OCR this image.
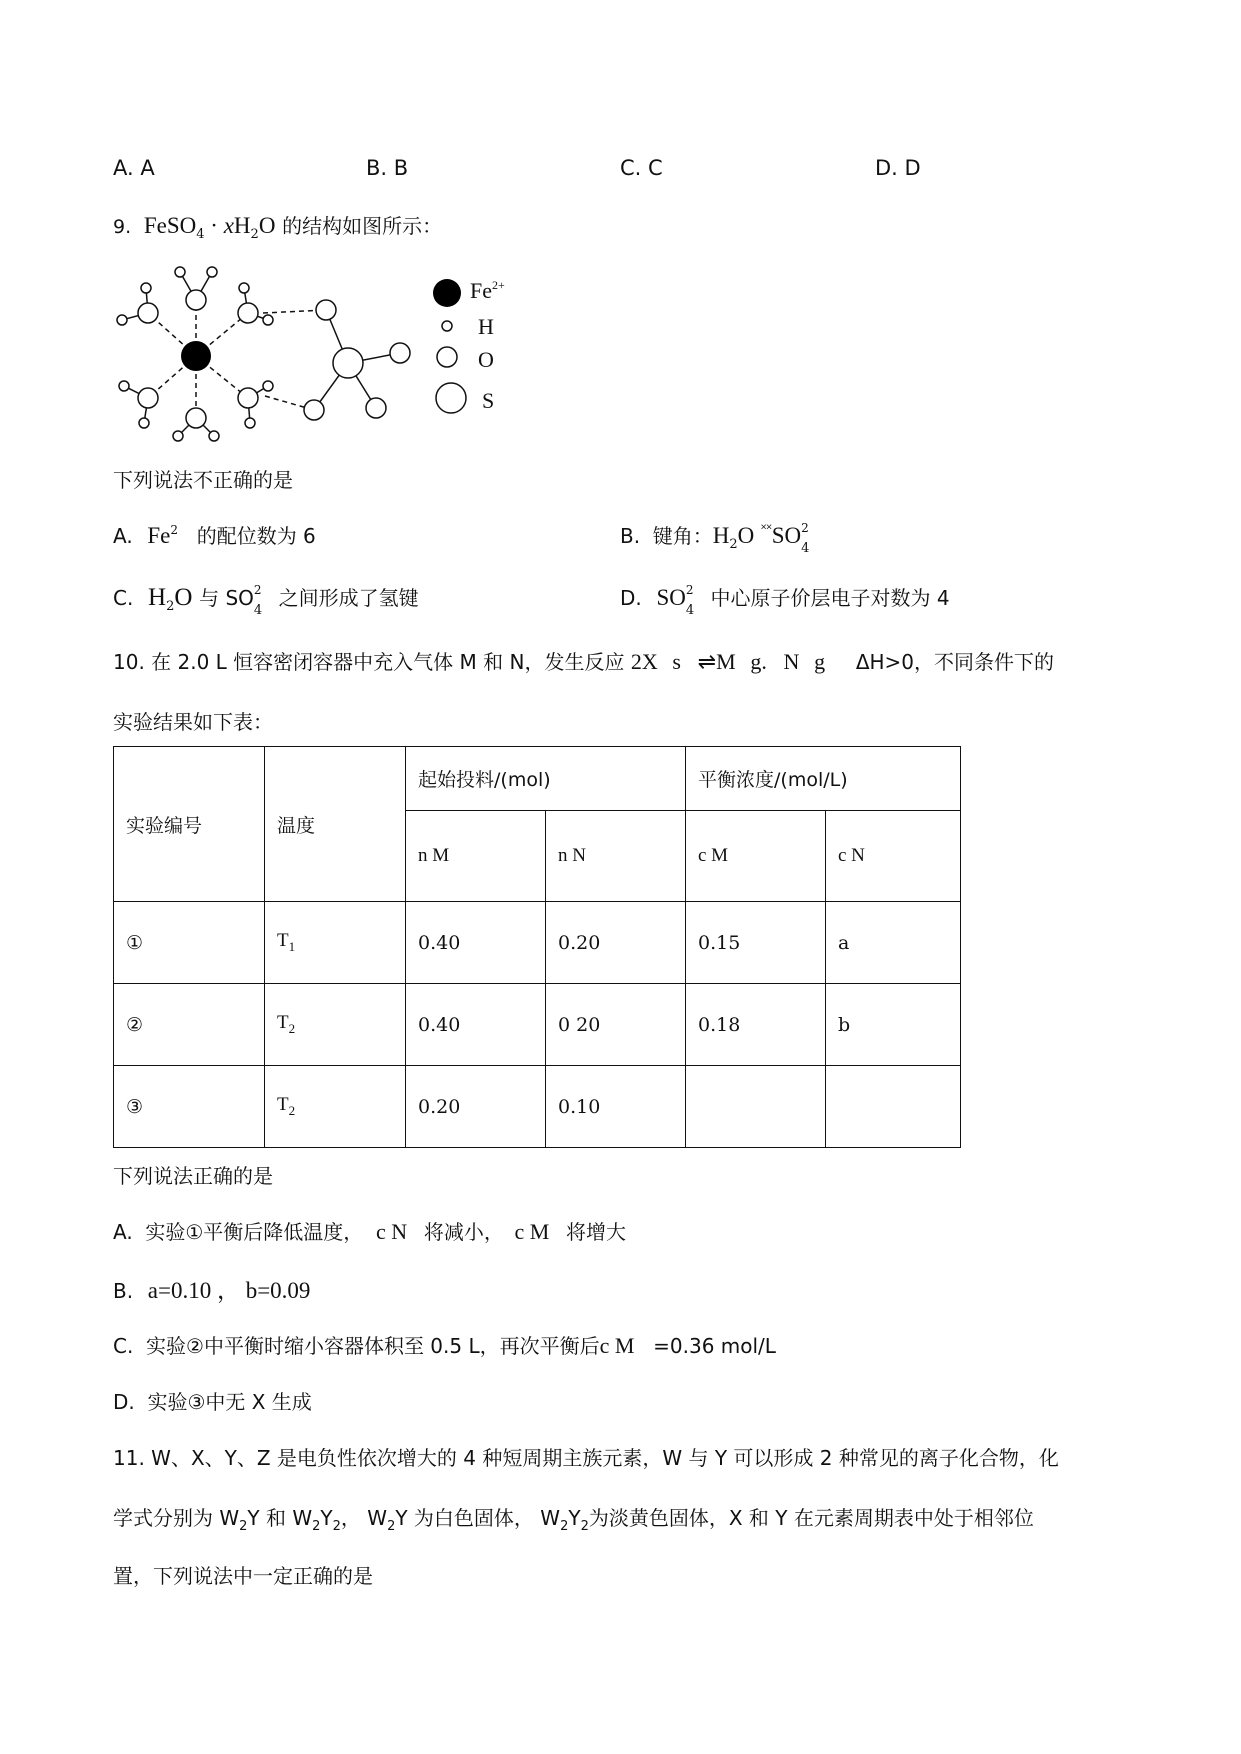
A. A	B. B	C. C	D. D
9. FeSO$_4$ · $xH_2O$ 的结构如图所示：
$Fe^{2+}$
H
O
S
下列说法不正确的是
A. Fe$^2$ 的配位数为 6	B. 键角：$H_2O$ ˟˟SO 2
4
C. $H_2O$ 与 SO 2
4
之间形成了氢键	D. SO 2
4
中心原子价层电子对数为 4
10. 在 2.0 L 恒容密闭容器中充入气体 M 和 N，发生反应 2X s ⇌M g. N g ΔH>0，不同条件下的
实验结果如下表：
实验编号	温度	起始投料/(mol)		平衡浓度/(mol/L)	
		n M	n N	c M	c N
①	$T_1$	0.40	0.20	0.15	a
②	$T_2$	0.40	0 20	0.18	b
③	$T_2$	0.20	0.10		
下列说法正确的是
A. 实验①平衡后降低温度， c N 将减小， c M 将增大
B. a=0.10 ， b=0.09
C. 实验②中平衡时缩小容器体积至 0.5 L，再次平衡后c M =0.36 mol/L
D. 实验③中无 X 生成
11. W、X、Y、Z 是电负性依次增大的 4 种短周期主族元素，W 与 Y 可以形成 2 种常见的离子化合物，化
学式分别为 $W_2Y$ 和 $W_2Y_2$， $W_2Y$ 为白色固体， $W_2Y_2$为淡黄色固体，X 和 Y 在元素周期表中处于相邻位
置，下列说法中一定正确的是
